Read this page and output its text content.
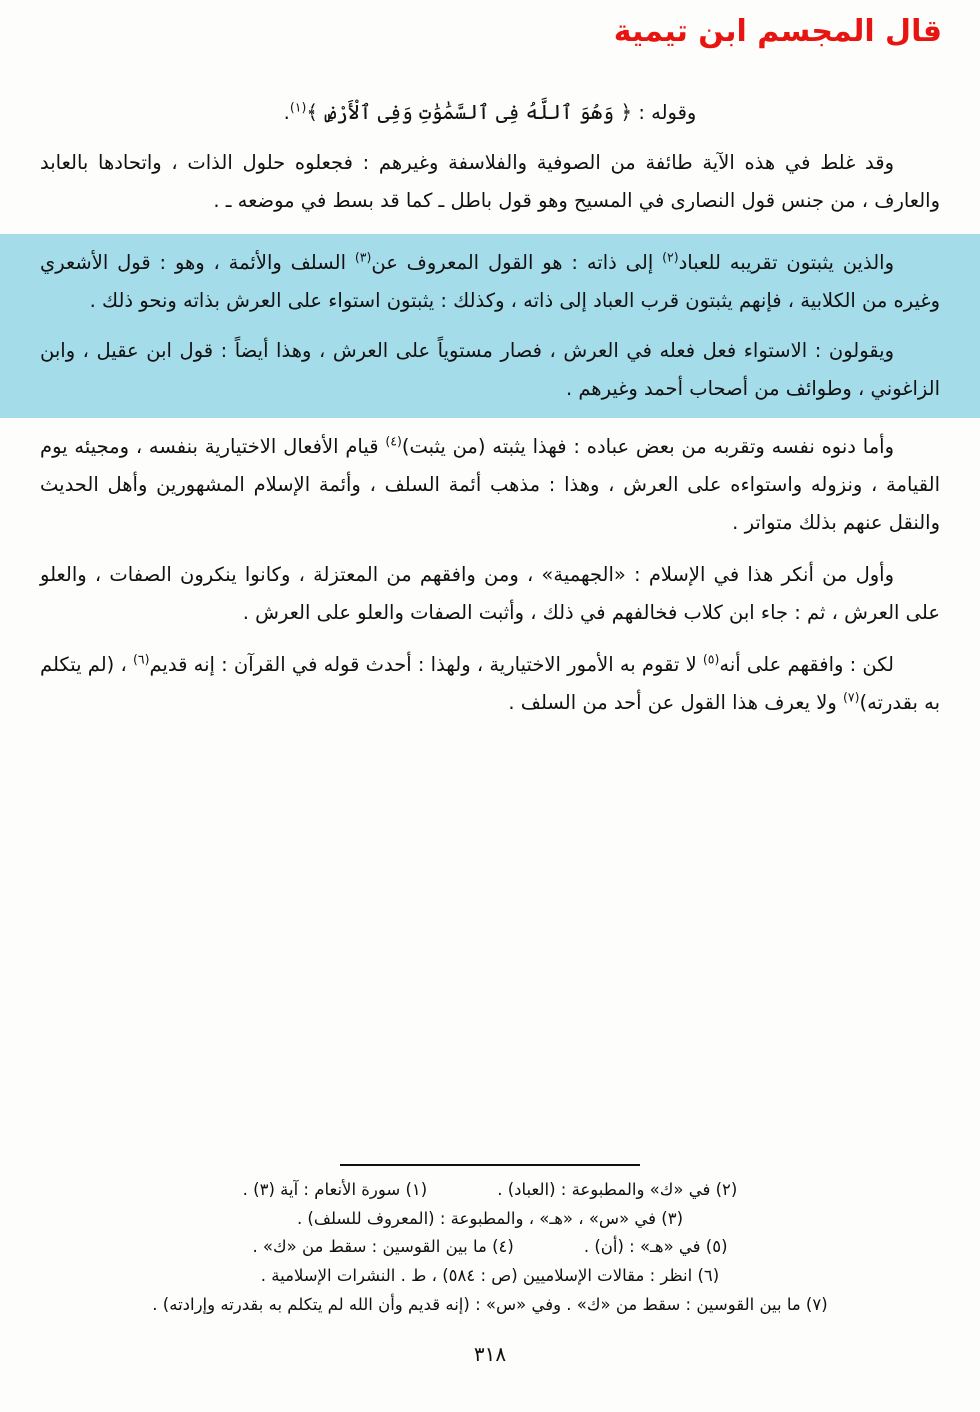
قال المجسم ابن تيمية
وقوله : ﴿ وَهُوَ ٱللَّهُ فِى ٱلسَّمَٰوَٰتِ وَفِى ٱلْأَرْضِ ﴾$^{(١)}$.

وقد غلط في هذه الآية طائفة من الصوفية والفلاسفة وغيرهم : فجعلوه حلول الذات ، واتحادها بالعابد والعارف ، من جنس قول النصارى في المسيح وهو قول باطل ـ كما قد بسط في موضعه ـ .

والذين يثبتون تقريبه للعباد$^{(٢)}$ إلى ذاته : هو القول المعروف عن$^{(٣)}$ السلف والأئمة ، وهو : قول الأشعري وغيره من الكلابية ، فإنهم يثبتون قرب العباد إلى ذاته ، وكذلك : يثبتون استواء على العرش بذاته ونحو ذلك .

ويقولون : الاستواء فعل فعله في العرش ، فصار مستوياً على العرش ، وهذا أيضاً : قول ابن عقيل ، وابن الزاغوني ، وطوائف من أصحاب أحمد وغيرهم .

وأما دنوه نفسه وتقربه من بعض عباده : فهذا يثبته (من يثبت)$^{(٤)}$ قيام الأفعال الاختيارية بنفسه ، ومجيئه يوم القيامة ، ونزوله واستواءه على العرش ، وهذا : مذهب أئمة السلف ، وأئمة الإسلام المشهورين وأهل الحديث والنقل عنهم بذلك متواتر .

وأول من أنكر هذا في الإسلام : «الجهمية» ، ومن وافقهم من المعتزلة ، وكانوا ينكرون الصفات ، والعلو على العرش ، ثم : جاء ابن كلاب فخالفهم في ذلك ، وأثبت الصفات والعلو على العرش .

لكن : وافقهم على أنه$^{(٥)}$ لا تقوم به الأمور الاختيارية ، ولهذا : أحدث قوله في القرآن : إنه قديم$^{(٦)}$ ، (لم يتكلم به بقدرته)$^{(٧)}$ ولا يعرف هذا القول عن أحد من السلف .

(٢) في «ك» والمطبوعة : (العباد) .
(١) سورة الأنعام : آية (٣) .
(٣) في «س» ، «هـ» ، والمطبوعة : (المعروف للسلف) .
(٥) في «هـ» : (أن) .
(٤) ما بين القوسين : سقط من «ك» .
(٦) انظر : مقالات الإسلاميين (ص : ٥٨٤) ، ط . النشرات الإسلامية .
(٧) ما بين القوسين : سقط من «ك» . وفي «س» : (إنه قديم وأن الله لم يتكلم به بقدرته وإرادته) .
٣١٨
